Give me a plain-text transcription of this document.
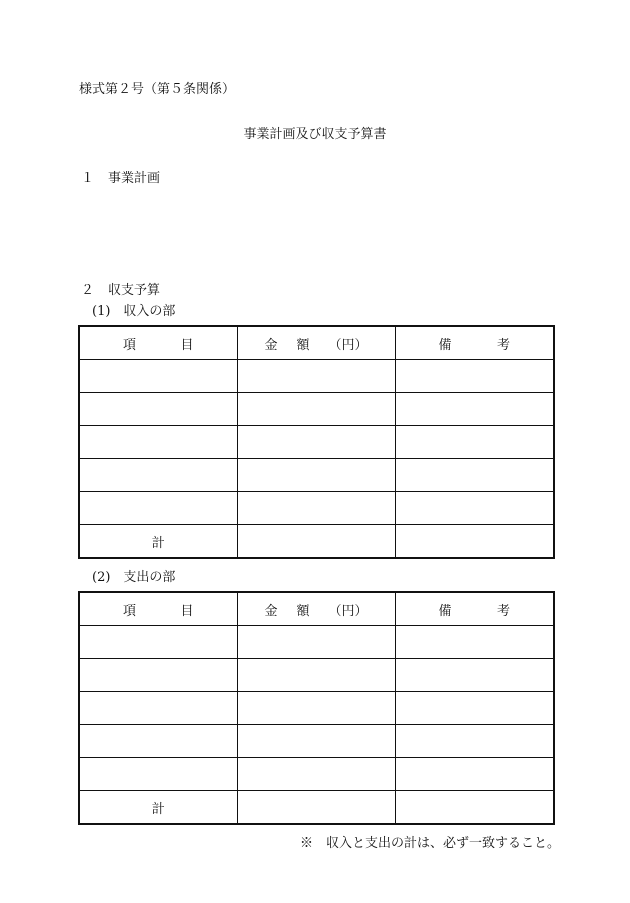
様式第２号（第５条関係）
事業計画及び収支予算書
１ 事業計画
２ 収支予算
(1)　収入の部
項 目	金 額 （円）	備 考

計		
(2)　支出の部
項 目	金 額 （円）	備 考

計		
※　収入と支出の計は、必ず一致すること。
